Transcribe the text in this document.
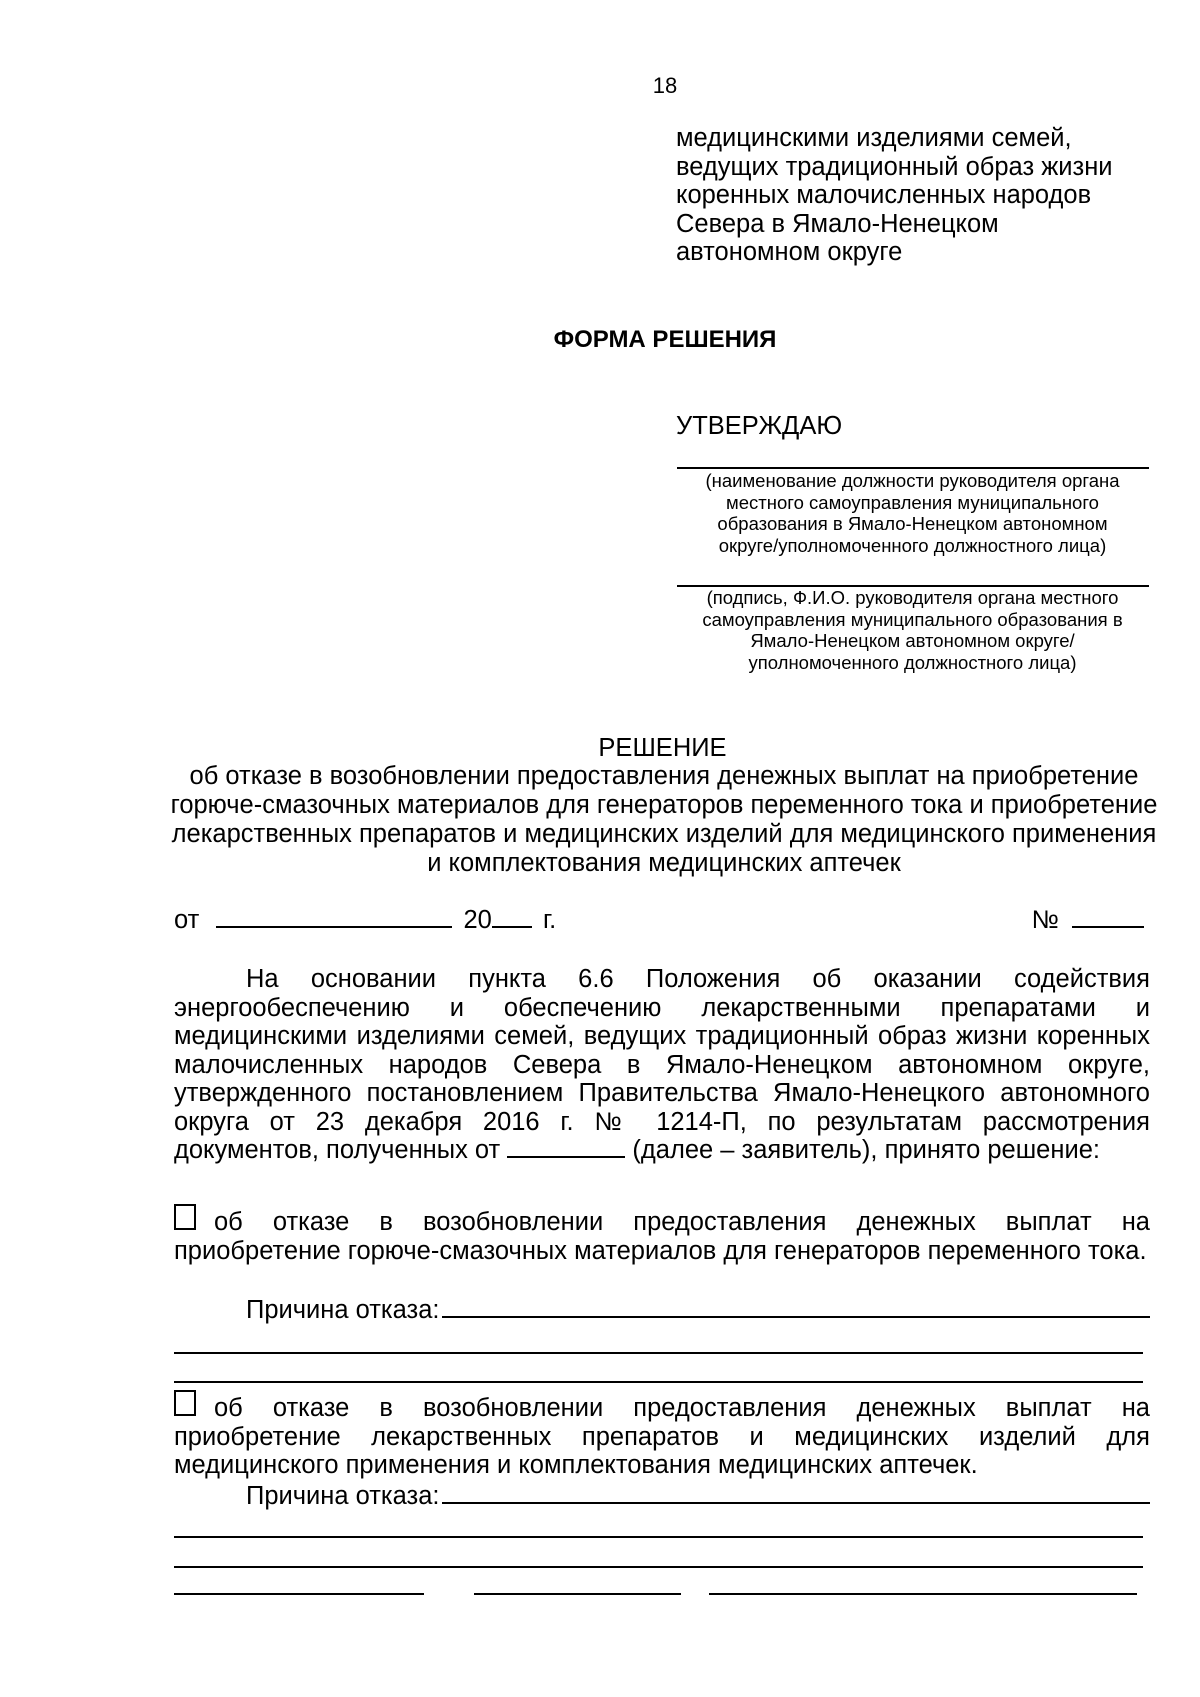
18
медицинскими изделиями семей,
ведущих традиционный образ жизни
коренных малочисленных народов
Севера в Ямало-Ненецком
автономном округе
ФОРМА РЕШЕНИЯ
УТВЕРЖДАЮ
(наименование должности руководителя органа
местного самоуправления муниципального
образования в Ямало-Ненецком автономном
округе/уполномоченного должностного лица)
(подпись, Ф.И.О. руководителя органа местного
самоуправления муниципального образования в
Ямало-Ненецком автономном округе/
уполномоченного должностного лица)
РЕШЕНИЕ
об отказе в возобновлении предоставления денежных выплат на приобретение горюче-смазочных материалов для генераторов переменного тока и приобретение лекарственных препаратов и медицинских изделий для медицинского применения и комплектования медицинских аптечек
от	20 г.	№
На основании пункта 6.6 Положения об оказании содействия энергообеспечению и обеспечению лекарственными препаратами и медицинскими изделиями семей, ведущих традиционный образ жизни коренных малочисленных народов Севера в Ямало-Ненецком автономном округе, утвержденного постановлением Правительства Ямало-Ненецкого автономного округа от 23 декабря 2016 г. № 1214-П, по результатам рассмотрения документов, полученных от	(далее – заявитель), принято решение:
об отказе в возобновлении предоставления денежных выплат на приобретение горюче-смазочных материалов для генераторов переменного тока.
Причина отказа:
об отказе в возобновлении предоставления денежных выплат на приобретение лекарственных препаратов и медицинских изделий для медицинского применения и комплектования медицинских аптечек.
Причина отказа:
